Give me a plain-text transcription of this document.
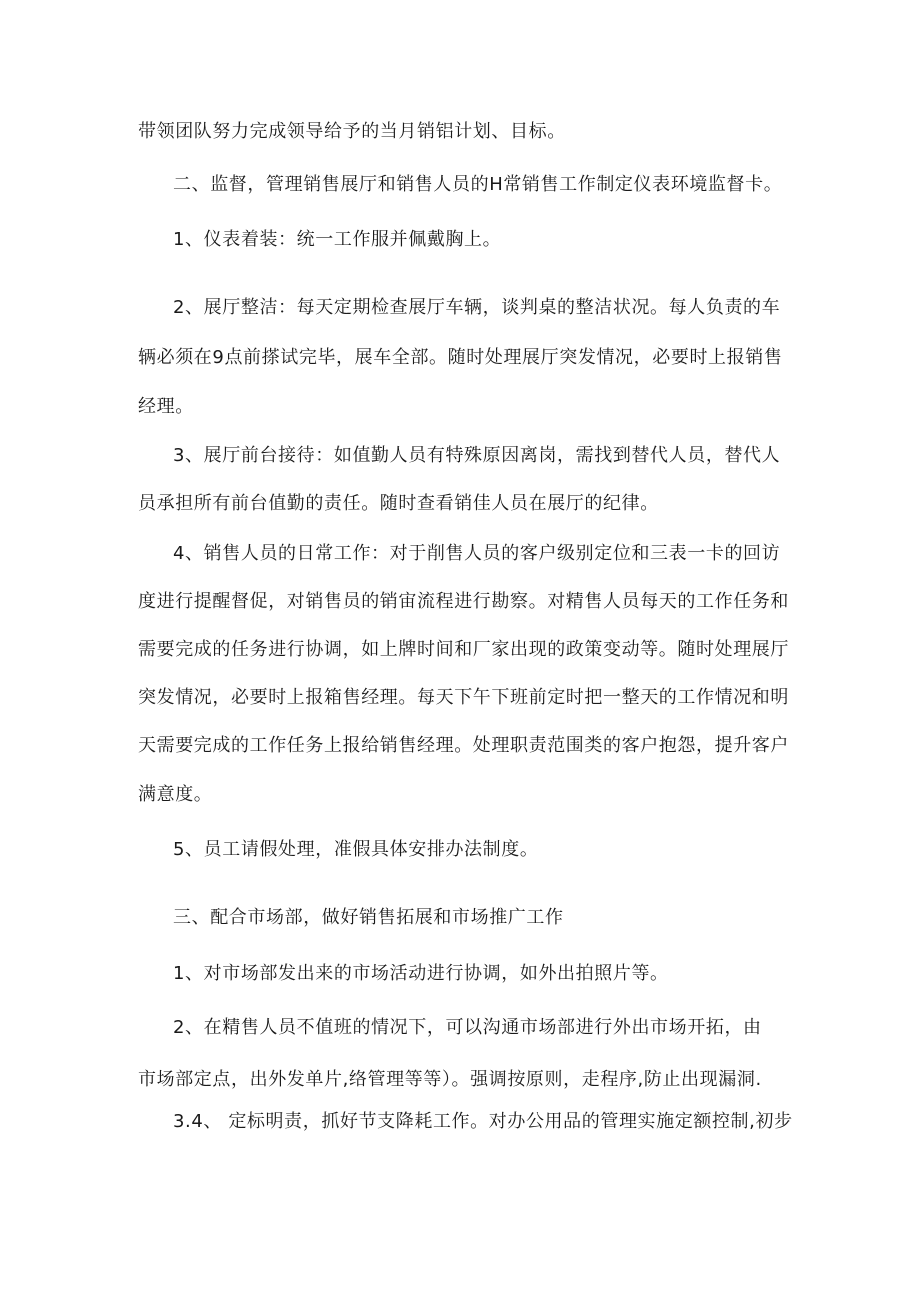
带领团队努力完成领导给予的当月销铝计划、目标。
二、监督，管理销售展厅和销售人员的H常销售工作制定仪表环境监督卡。
1、仪表着装：统一工作服并佩戴胸上。
2、展厅整洁：每天定期检查展厅车辆，谈判桌的整洁状况。每人负责的车
辆必须在9点前搽试完毕，展车全部。随时处理展厅突发情况，必要时上报销售
经理。
3、展厅前台接待：如值勤人员有特殊原因离岗，需找到替代人员，替代人
员承担所有前台值勤的责任。随时查看销佳人员在展厅的纪律。
4、销售人员的日常工作：对于削售人员的客户级别定位和三表一卡的回访
度进行提醒督促，对销售员的销宙流程进行勘察。对精售人员每天的工作任务和
需要完成的任务进行协调，如上牌时间和厂家出现的政策变动等。随时处理展厅
突发情况，必要时上报箱售经理。每天下午下班前定时把一整天的工作情况和明
天需要完成的工作任务上报给销售经理。处理职责范围类的客户抱怨，提升客户
满意度。
5、员工请假处理，准假具体安排办法制度。
三、配合市场部，做好销售拓展和市场推广工作
1、对市场部发出来的市场活动进行协调，如外出拍照片等。
2、在精售人员不值班的情况下，可以沟通市场部进行外出市场开拓，由
市场部定点，出外发单片,络管理等等）。强调按原则，走程序,防止出现漏洞.
3.4、 定标明责，抓好节支降耗工作。对办公用品的管理实施定额控制,初步
